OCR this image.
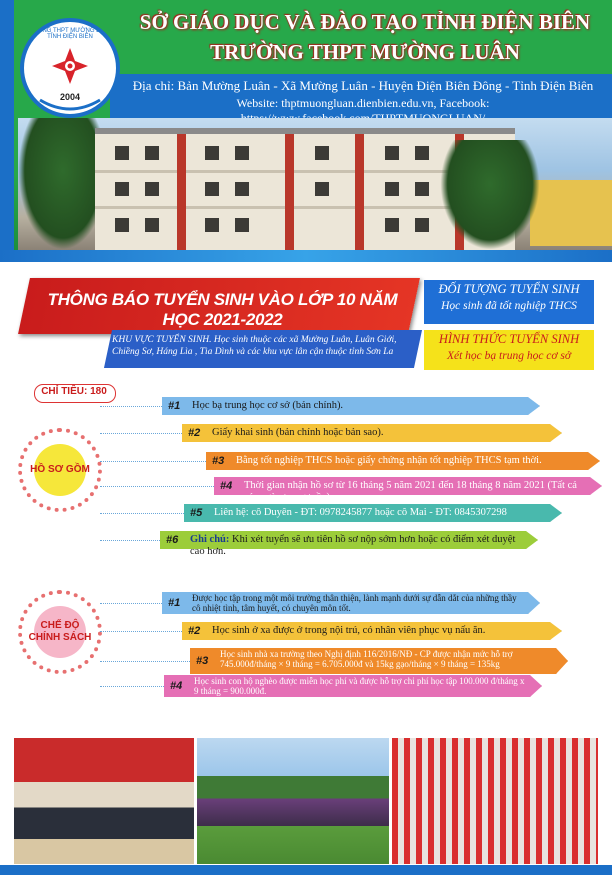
TRƯỜNG THPT MƯỜNG LUÂN - TỈNH ĐIỆN BIÊN
2004
SỞ GIÁO DỤC VÀ ĐÀO TẠO TỈNH ĐIỆN BIÊN
TRƯỜNG THPT MƯỜNG LUÂN
Địa chỉ: Bản Mường Luân - Xã Mường Luân - Huyện Điện Biên Đông - Tỉnh Điện Biên
Website: thptmuongluan.dienbien.edu.vn, Facebook:
THÔNG BÁO TUYỂN SINH VÀO LỚP 10 NĂM HỌC 2021-2022
KHU VỰC TUYỂN SINH. Học sinh thuộc các xã Mường Luân, Luân Giới, Chiềng Sơ, Háng Lìa , Tìa Dình và các khu vực lân cận thuộc tỉnh Sơn La
ĐỐI TƯỢNG TUYỂN SINH
Học sinh đã tốt nghiệp THCS
HÌNH THỨC TUYỂN SINH
Xét học bạ trung học cơ sở
CHỈ TIÊU: 180
HỒ SƠ GỒM
#1 Học bạ trung học cơ sở (bản chính).
#2 Giấy khai sinh (bản chính hoặc bản sao).
#3 Bằng tốt nghiệp THCS hoặc giấy chứng nhận tốt nghiệp THCS tạm thời.
#4 Thời gian nhận hồ sơ từ 16 tháng 5 năm 2021 đến 18 tháng 8 năm 2021 (Tất cả các ngày trong tuần)
#5 Liên hệ: cô Duyên - ĐT: 0978245877 hoặc cô Mai - ĐT: 0845307298
#6 Ghi chú: Khi xét tuyển sẽ ưu tiên hồ sơ nộp sớm hơn hoặc có điểm xét duyệt cao hơn.
CHẾ ĐỘ
CHÍNH SÁCH
#1 Được học tập trong một môi trường thân thiện, lành mạnh dưới sự dẫn dắt của những thầy cô nhiệt tình, tâm huyết, có chuyên môn tốt.
#2 Học sinh ở xa được ở trong nội trú, có nhân viên phục vụ nấu ăn.
#3
Học sinh nhà xa trường theo Nghị định 116/2016/NĐ - CP được nhận mức hỗ trợ 745.000đ/tháng × 9 tháng = 6.705.000đ và 15kg gạo/tháng × 9 tháng = 135kg
#4 Học sinh con hộ nghèo được miễn học phí và được hỗ trợ chi phí học tập 100.000 đ/tháng x 9 tháng = 900.000đ.
